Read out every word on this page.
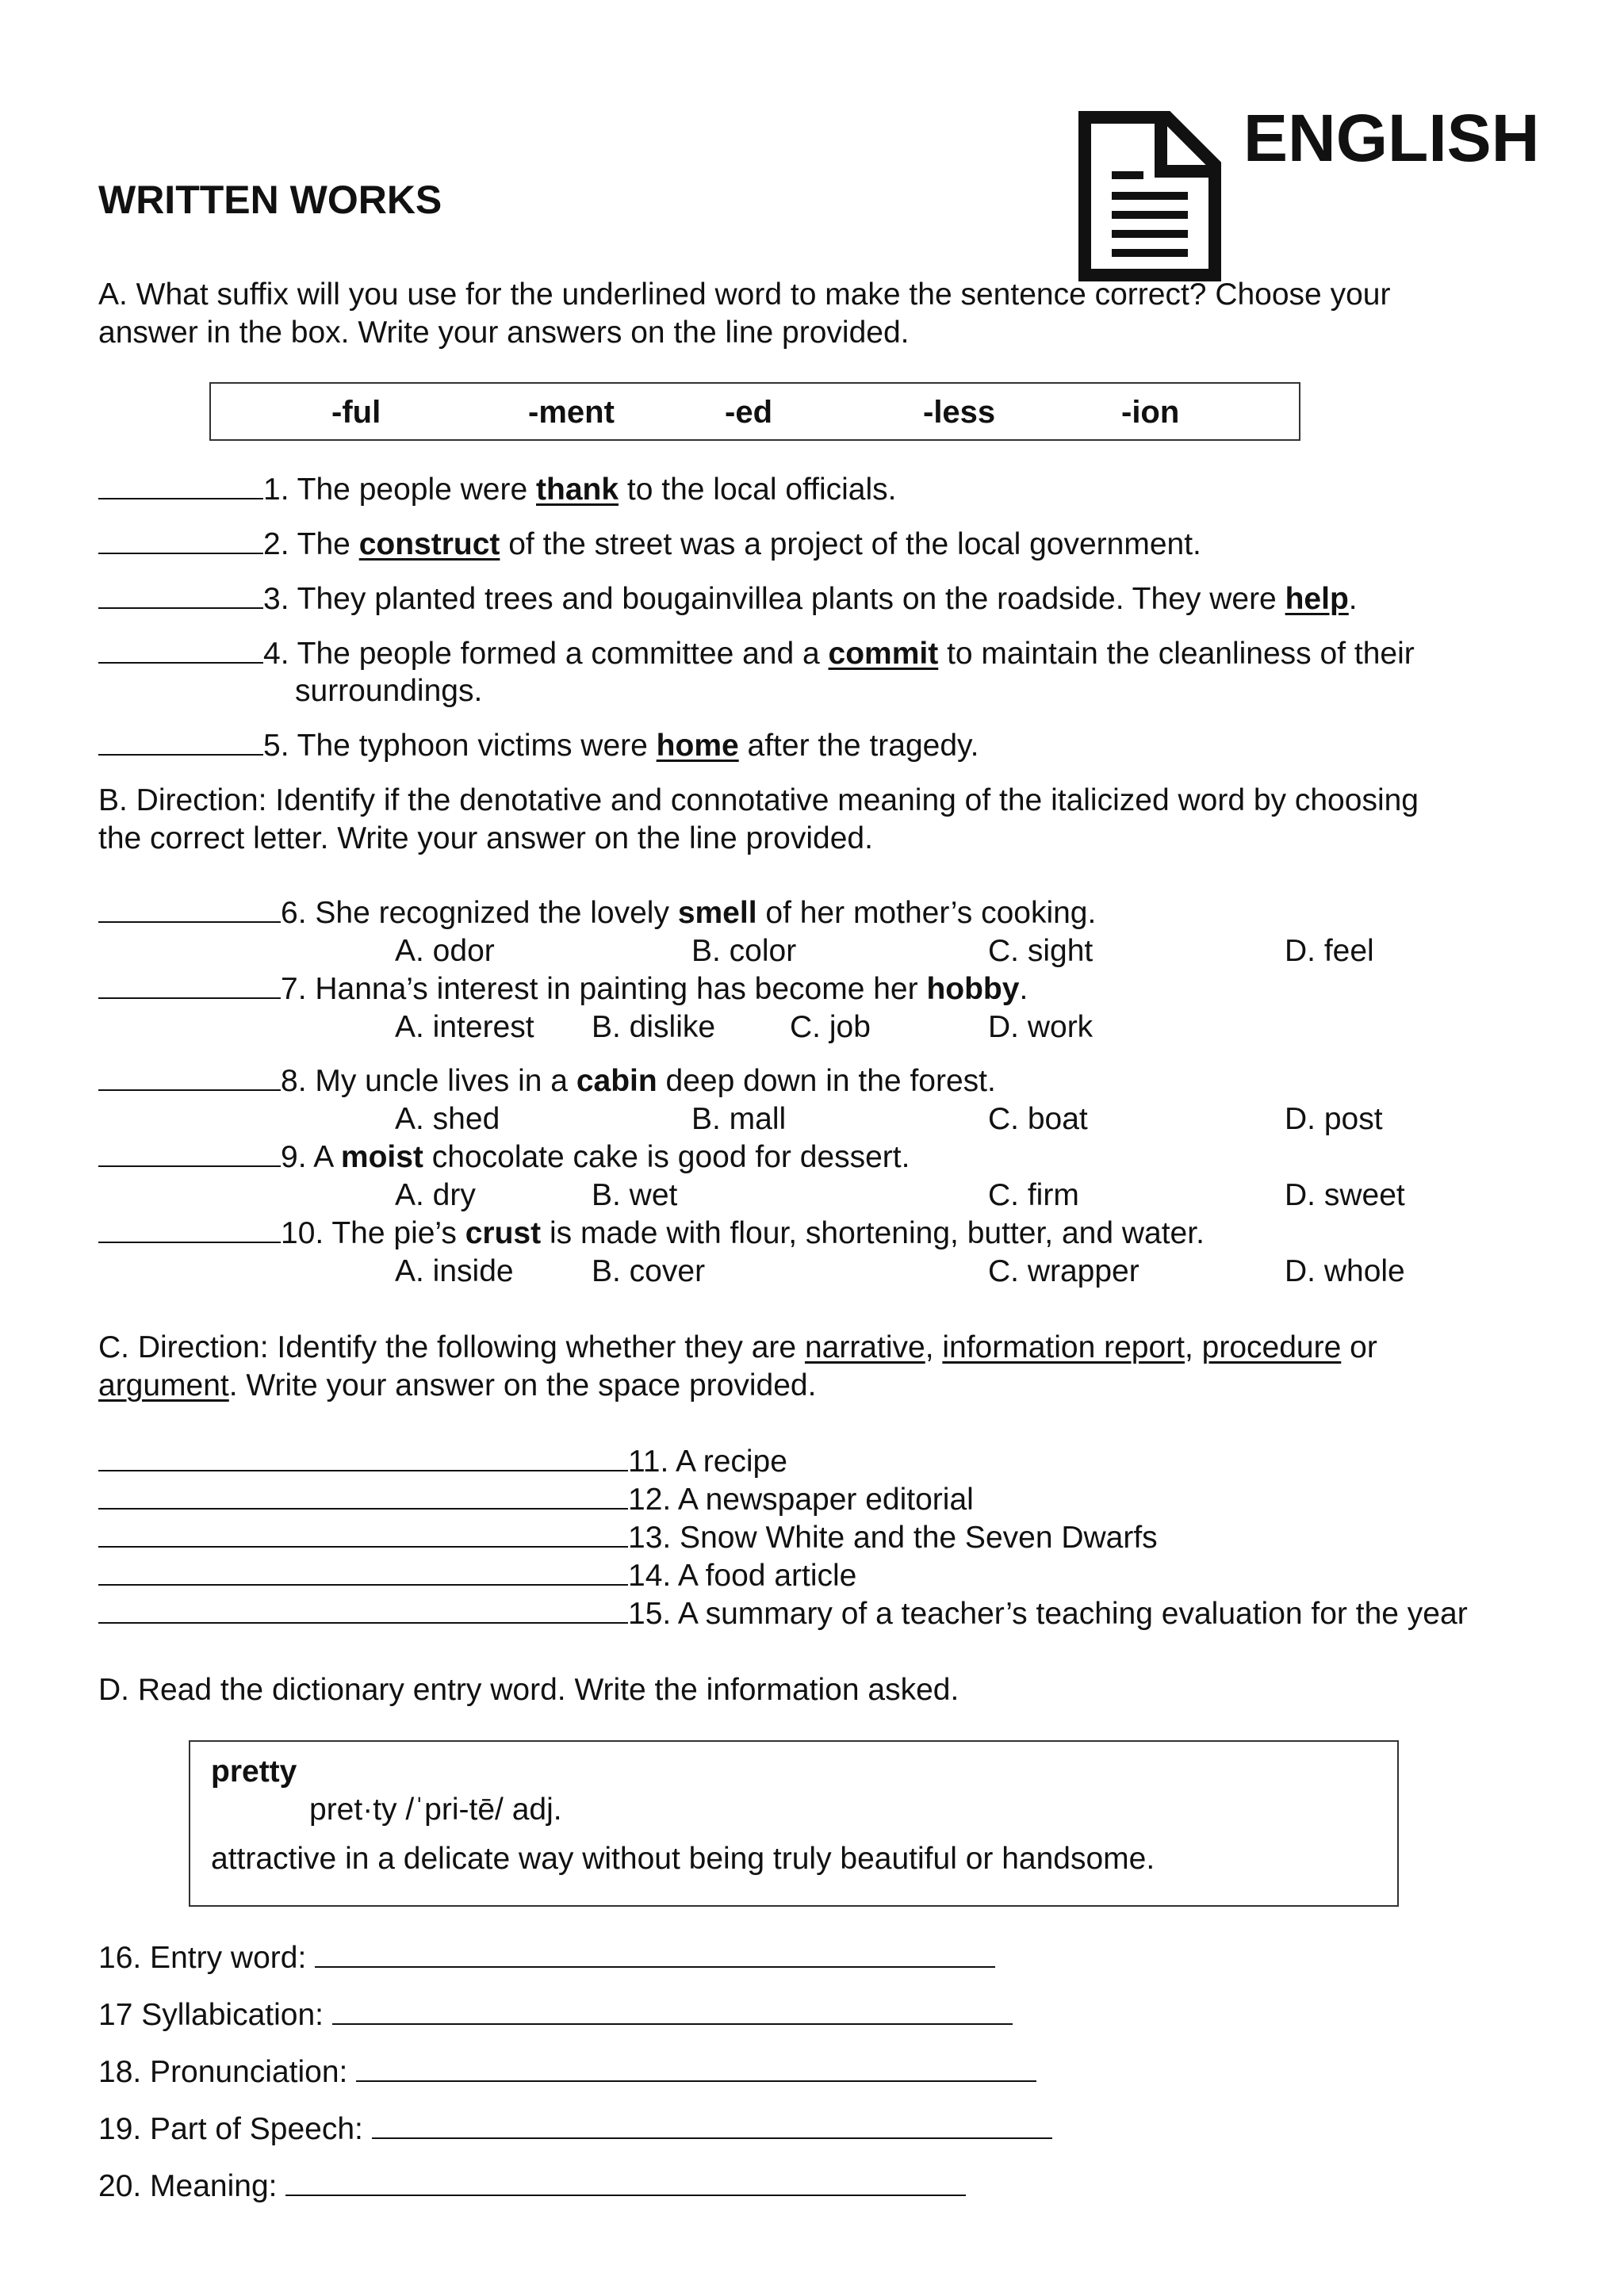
ENGLISH
WRITTEN WORKS
A. What suffix will you use for the underlined word to make the sentence correct? Choose your
answer in the box. Write your answers on the line provided.
-ful	-ment	-ed	-less	-ion
1. The people were thank to the local officials.
2. The construct of the street was a project of the local government.
3. They planted trees and bougainvillea plants on the roadside. They were help.
4. The people formed a committee and a commit to maintain the cleanliness of their
surroundings.
5. The typhoon victims were home after the tragedy.
B. Direction: Identify if the denotative and connotative meaning of the italicized word by choosing
the correct letter. Write your answer on the line provided.
6. She recognized the lovely smell of her mother’s cooking.
A. odor	B. color	C. sight	D. feel
7. Hanna’s interest in painting has become her hobby.
A. interest B. dislike C. job	D. work
8. My uncle lives in a cabin deep down in the forest.
A. shed	B. mall	C. boat	D. post
9. A moist chocolate cake is good for dessert.
A. dry	B. wet	C. firm	D. sweet
10. The pie’s crust is made with flour, shortening, butter, and water.
A. inside	B. cover	C. wrapper	D. whole
C. Direction: Identify the following whether they are narrative, information report, procedure or
argument. Write your answer on the space provided.
11. A recipe
12. A newspaper editorial
13. Snow White and the Seven Dwarfs
14. A food article
15. A summary of a teacher’s teaching evaluation for the year
D. Read the dictionary entry word. Write the information asked.
pretty
pret·ty /ˈpri-tē/ adj.
attractive in a delicate way without being truly beautiful or handsome.
16. Entry word:
17 Syllabication:
18. Pronunciation:
19. Part of Speech:
20. Meaning:
